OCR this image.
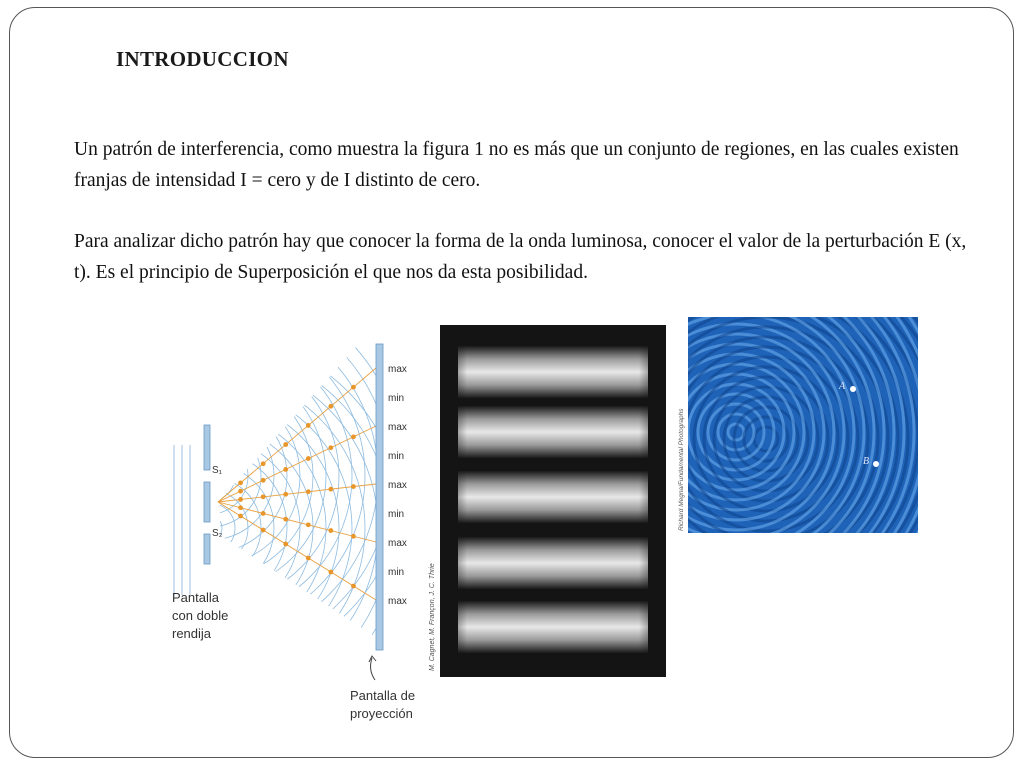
INTRODUCCION

Un patrón de interferencia, como muestra la figura 1 no es más que un conjunto de regiones, en las cuales existen franjas de intensidad I = cero y de I distinto de cero.

Para analizar dicho patrón hay que conocer la forma de la onda luminosa, conocer el valor de la perturbación E (x, t). Es el principio de Superposición el que nos da esta posibilidad.

S₁
S₂
max
min
max
min
max
min
max
min
max
Pantalla
con doble
rendija
Pantalla de
proyección
M. Cagnet, M. Françon, J. C. Thrie
A
B
Richard Megna/Fundamental Photographs
